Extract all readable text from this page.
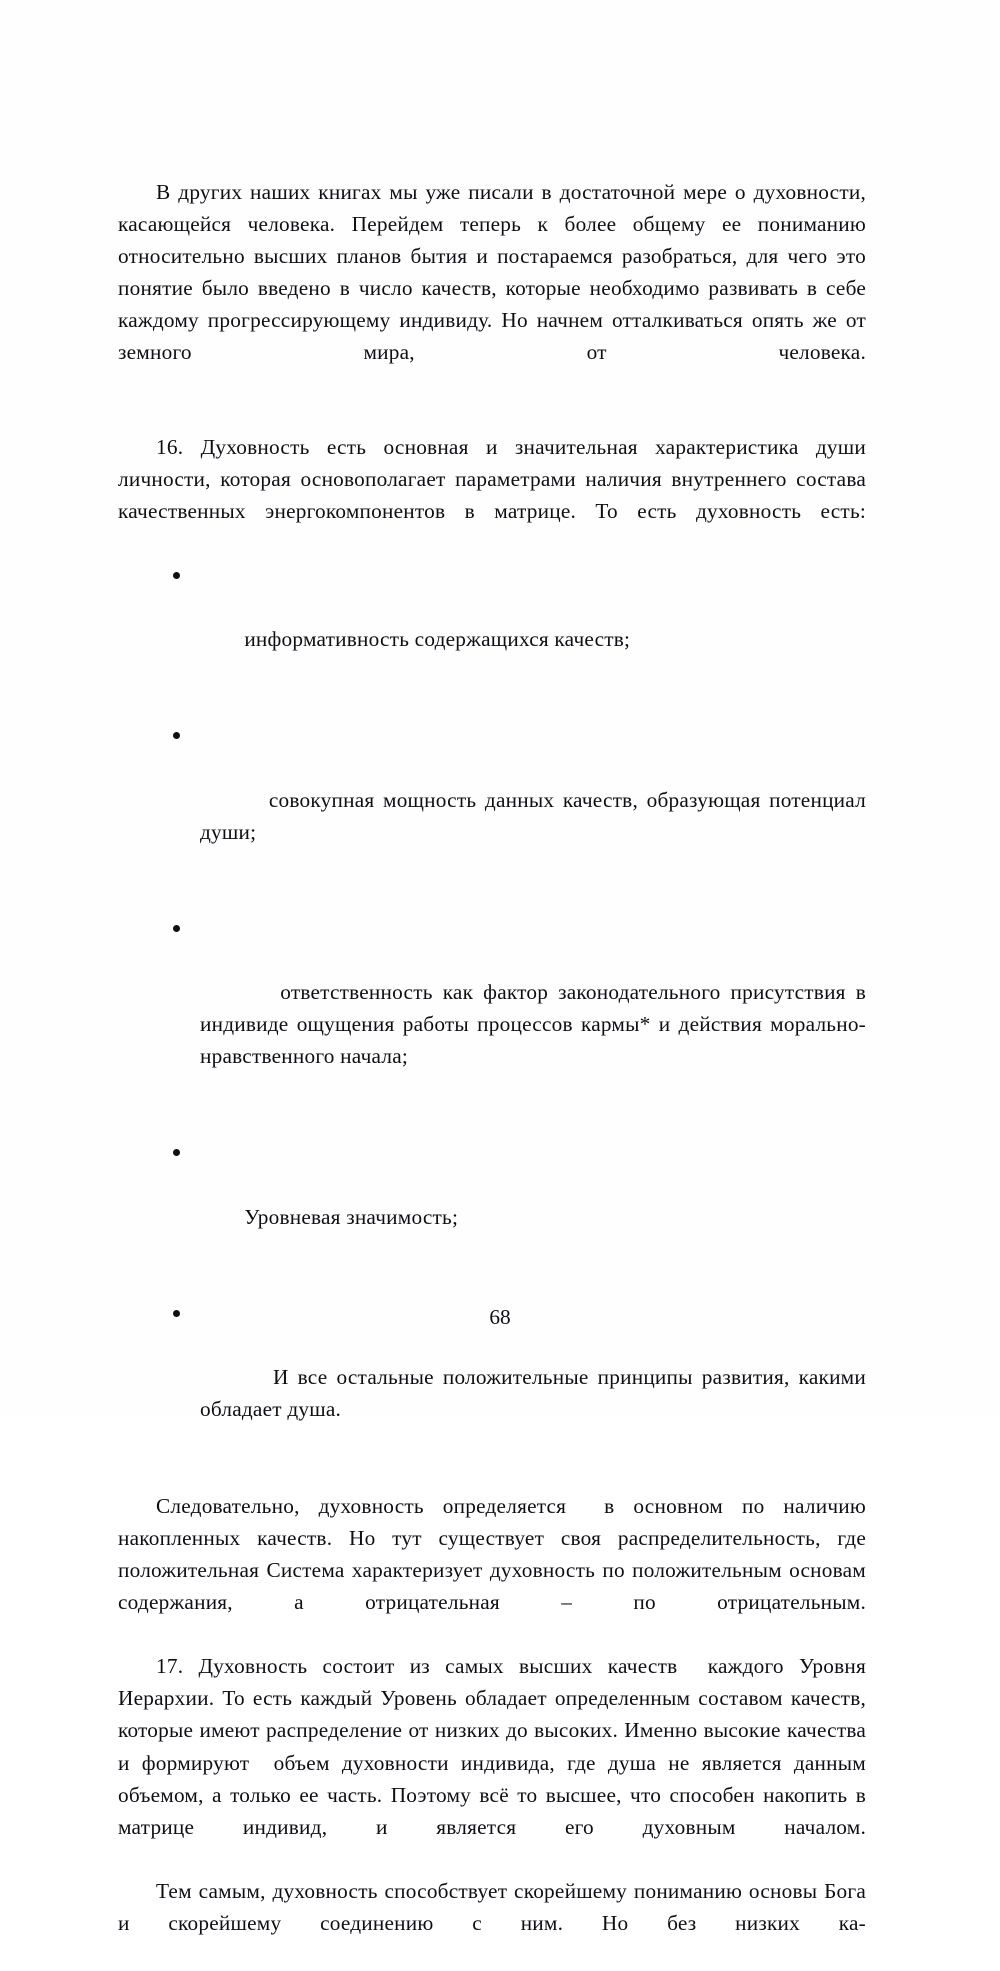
В других наших книгах мы уже писали в достаточной мере о духовности, касающейся человека. Перейдем теперь к более общему ее пониманию относительно высших планов бытия и постараемся разобраться, для чего это понятие было введено в число качеств, которые необходимо развивать в себе каждому прогрессирующему индивиду. Но начнем отталкиваться опять же от земного мира, от человека.

16. Духовность есть основная и значительная характеристика души личности, которая основополагает параметрами наличия внутреннего состава качественных энергокомпонентов в матрице. То есть духовность есть:

информативность содержащихся качеств;

совокупная мощность данных качеств, образующая потенциал души;

ответственность как фактор законодательного присутствия в индивиде ощущения работы процессов кармы* и действия морально-нравственного начала;

Уровневая значимость;

И все остальные положительные принципы развития, какими обладает душа.

Следовательно, духовность определяется  в основном по наличию накопленных качеств. Но тут существует своя распределительность, где положительная Система характеризует духовность по положительным основам содержания, а отрицательная – по отрицательным.

17. Духовность состоит из самых высших качеств  каждого Уровня Иерархии. То есть каждый Уровень обладает определенным составом качеств, которые имеют распределение от низких до высоких. Именно высокие качества и формируют  объем духовности индивида, где душа не является данным объемом, а только ее часть. Поэтому всё то высшее, что способен накопить в матрице индивид, и является его духовным началом.

Тем самым, духовность способствует скорейшему пониманию основы Бога и скорейшему соединению с ним. Но без низких ка-

68
